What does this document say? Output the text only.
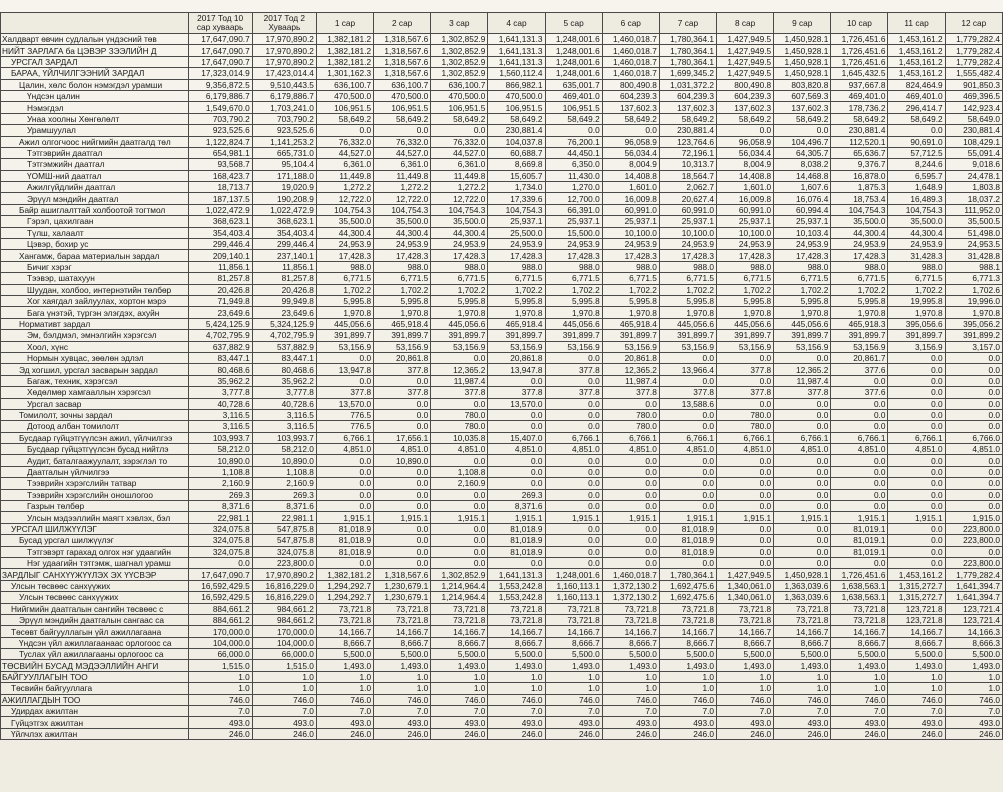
	2017 Тод 10 сар хуваарь	2017 Тод 2 Хуваарь	1 сар	2 сар	3 сар	4 сар	5 сар	6 сар	7 сар	8 сар	9 сар	10 сар	11 сар	12 сар
Халдварт өвчин судлалын үндэсний төв	17,647,090.7	17,970,890.2	1,382,181.2	1,318,567.6	1,302,852.9	1,641,131.3	1,248,001.6	1,460,018.7	1,780,364.1	1,427,949.5	1,450,928.1	1,726,451.6	1,453,161.2	1,779,282.4
НИЙТ ЗАРЛАГА ба ЦЭВЭР ЗЭЭЛИЙН Д	17,647,090.7	17,970,890.2	1,382,181.2	1,318,567.6	1,302,852.9	1,641,131.3	1,248,001.6	1,460,018.7	1,780,364.1	1,427,949.5	1,450,928.1	1,726,451.6	1,453,161.2	1,779,282.4
УРСГАЛ ЗАРДАЛ	17,647,090.7	17,970,890.2	1,382,181.2	1,318,567.6	1,302,852.9	1,641,131.3	1,248,001.6	1,460,018.7	1,780,364.1	1,427,949.5	1,450,928.1	1,726,451.6	1,453,161.2	1,779,282.4
БАРАА, ҮЙЛЧИЛГЭЭНИЙ ЗАРДАЛ	17,323,014.9	17,423,014.4	1,301,162.3	1,318,567.6	1,302,852.9	1,560,112.4	1,248,001.6	1,460,018.7	1,699,345.2	1,427,949.5	1,450,928.1	1,645,432.5	1,453,161.2	1,555,482.4
Цалин, хөлс болон нэмэгдэл урамши	9,356,872.5	9,510,443.5	636,100.7	636,100.7	636,100.7	866,982.1	635,001.7	800,490.8	1,031,372.2	800,490.8	803,820.8	937,667.8	824,464.9	901,850.3
Үндсэн цалин	6,179,886.7	6,179,886.7	470,500.0	470,500.0	470,500.0	470,500.0	469,401.0	604,239.3	604,239.3	604,239.3	607,569.3	469,401.0	469,401.0	469,396.5
Нэмэгдэл	1,549,670.0	1,703,241.0	106,951.5	106,951.5	106,951.5	106,951.5	106,951.5	137,602.3	137,602.3	137,602.3	137,602.3	178,736.2	296,414.7	142,923.4
Унаа хоолны Хөнгөлөлт	703,790.2	703,790.2	58,649.2	58,649.2	58,649.2	58,649.2	58,649.2	58,649.2	58,649.2	58,649.2	58,649.2	58,649.2	58,649.2	58,649.0
Урамшуулал	923,525.6	923,525.6	0.0	0.0	0.0	230,881.4	0.0	0.0	230,881.4	0.0	0.0	230,881.4	0.0	230,881.4
Ажил олгогчоос нийгмийн даатгалд төл	1,122,824.7	1,141,253.2	76,332.0	76,332.0	76,332.0	104,037.8	76,200.1	96,058.9	123,764.6	96,058.9	104,496.7	112,520.1	90,691.0	108,429.1
Тэтгэврийн даатгал	654,981.1	665,731.0	44,527.0	44,527.0	44,527.0	60,688.7	44,450.1	56,034.4	72,196.1	56,034.4	64,305.7	65,636.7	57,712.5	55,091.4
Тэтгэмжийн даатгал	93,568.7	95,104.4	6,361.0	6,361.0	6,361.0	8,669.8	6,350.0	8,004.9	10,313.7	8,004.9	8,038.2	9,376.7	8,244.6	9,018.6
ҮОМШ-ний даатгал	168,423.7	171,188.0	11,449.8	11,449.8	11,449.8	15,605.7	11,430.0	14,408.8	18,564.7	14,408.8	14,468.8	16,878.0	6,595.7	24,478.1
Ажилгүйдлийн даатгал	18,713.7	19,020.9	1,272.2	1,272.2	1,272.2	1,734.0	1,270.0	1,601.0	2,062.7	1,601.0	1,607.6	1,875.3	1,648.9	1,803.8
Эрүүл мэндийн даатгал	187,137.5	190,208.9	12,722.0	12,722.0	12,722.0	17,339.6	12,700.0	16,009.8	20,627.4	16,009.8	16,076.4	18,753.4	16,489.3	18,037.2
Байр ашиглалттай холбоотой тогтмол	1,022,472.9	1,022,472.9	104,754.3	104,754.3	104,754.3	104,754.3	66,391.0	60,991.0	60,991.0	60,991.0	60,994.4	104,754.3	104,754.3	111,952.0
Гэрэл, цахилгаан	368,623.1	368,623.1	35,500.0	35,500.0	35,500.0	25,937.1	25,937.1	25,937.1	25,937.1	25,937.1	25,937.1	35,500.0	35,500.0	35,500.5
Түлш, халаалт	354,403.4	354,403.4	44,300.4	44,300.4	44,300.4	25,500.0	15,500.0	10,100.0	10,100.0	10,100.0	10,103.4	44,300.4	44,300.4	51,498.0
Цэвэр, бохир ус	299,446.4	299,446.4	24,953.9	24,953.9	24,953.9	24,953.9	24,953.9	24,953.9	24,953.9	24,953.9	24,953.9	24,953.9	24,953.9	24,953.5
Хангамж, бараа материалын зардал	209,140.1	237,140.1	17,428.3	17,428.3	17,428.3	17,428.3	17,428.3	17,428.3	17,428.3	17,428.3	17,428.3	17,428.3	31,428.3	31,428.8
Бичиг хэрэг	11,856.1	11,856.1	988.0	988.0	988.0	988.0	988.0	988.0	988.0	988.0	988.0	988.0	988.0	988.1
Тээвэр, шатахуун	81,257.8	81,257.8	6,771.5	6,771.5	6,771.5	6,771.5	6,771.5	6,771.5	6,771.5	6,771.5	6,771.5	6,771.5	6,771.5	6,771.3
Шуудан, холбоо, интернэтийн төлбөр	20,426.8	20,426.8	1,702.2	1,702.2	1,702.2	1,702.2	1,702.2	1,702.2	1,702.2	1,702.2	1,702.2	1,702.2	1,702.2	1,702.6
Хог хаягдал зайлуулах, хортон мэрэ	71,949.8	99,949.8	5,995.8	5,995.8	5,995.8	5,995.8	5,995.8	5,995.8	5,995.8	5,995.8	5,995.8	5,995.8	19,995.8	19,996.0
Бага үнэтэй, түргэн элэгдэх, ахуйн	23,649.6	23,649.6	1,970.8	1,970.8	1,970.8	1,970.8	1,970.8	1,970.8	1,970.8	1,970.8	1,970.8	1,970.8	1,970.8	1,970.8
Нормативт зардал	5,424,125.9	5,324,125.9	445,056.6	465,918.4	445,056.6	465,918.4	445,056.6	465,918.4	445,056.6	445,056.6	445,056.6	465,918.3	395,056.6	395,056.2
Эм, бэлдмэл, эмнэлгийн хэрэгсэл	4,702,795.9	4,702,795.9	391,899.7	391,899.7	391,899.7	391,899.7	391,899.7	391,899.7	391,899.7	391,899.7	391,899.7	391,899.7	391,899.7	391,899.2
Хоол, хүнс	637,882.9	537,882.9	53,156.9	53,156.9	53,156.9	53,156.9	53,156.9	53,156.9	53,156.9	53,156.9	53,156.9	53,156.9	3,156.9	3,157.0
Нормын хувцас, зөөлөн эдлэл	83,447.1	83,447.1	0.0	20,861.8	0.0	20,861.8	0.0	20,861.8	0.0	0.0	0.0	20,861.7	0.0	0.0
Эд хогшил, урсгал засварын зардал	80,468.6	80,468.6	13,947.8	377.8	12,365.2	13,947.8	377.8	12,365.2	13,966.4	377.8	12,365.2	377.6	0.0	0.0
Багаж, техник, хэрэгсэл	35,962.2	35,962.2	0.0	0.0	11,987.4	0.0	0.0	11,987.4	0.0	0.0	11,987.4	0.0	0.0	0.0
Хөдөлмөр хамгааллын хэрэгсэл	3,777.8	3,777.8	377.8	377.8	377.8	377.8	377.8	377.8	377.8	377.8	377.8	377.6	0.0	0.0
Урсгал засвар	40,728.6	40,728.6	13,570.0	0.0	0.0	13,570.0	0.0	0.0	13,588.6	0.0	0.0	0.0	0.0	0.0
Томилолт, зочны зардал	3,116.5	3,116.5	776.5	0.0	780.0	0.0	0.0	780.0	0.0	780.0	0.0	0.0	0.0	0.0
Дотоод албан томилолт	3,116.5	3,116.5	776.5	0.0	780.0	0.0	0.0	780.0	0.0	780.0	0.0	0.0	0.0	0.0
Бусдаар гүйцэтгүүлсэн ажил, үйлчилгээ	103,993.7	103,993.7	6,766.1	17,656.1	10,035.8	15,407.0	6,766.1	6,766.1	6,766.1	6,766.1	6,766.1	6,766.1	6,766.1	6,766.0
Бусдаар гүйцэтгүүлсэн бусад нийтлэ	58,212.0	58,212.0	4,851.0	4,851.0	4,851.0	4,851.0	4,851.0	4,851.0	4,851.0	4,851.0	4,851.0	4,851.0	4,851.0	4,851.0
Аудит, баталгаажуулалт, зэрэглэл то	10,890.0	10,890.0	0.0	10,890.0	0.0	0.0	0.0	0.0	0.0	0.0	0.0	0.0	0.0	0.0
Даатгалын үйлчилгээ	1,108.8	1,108.8	0.0	0.0	1,108.8	0.0	0.0	0.0	0.0	0.0	0.0	0.0	0.0	0.0
Тээврийн хэрэгслийн татвар	2,160.9	2,160.9	0.0	0.0	2,160.9	0.0	0.0	0.0	0.0	0.0	0.0	0.0	0.0	0.0
Тээврийн хэрэгслийн оношлогоо	269.3	269.3	0.0	0.0	0.0	269.3	0.0	0.0	0.0	0.0	0.0	0.0	0.0	0.0
Газрын төлбөр	8,371.6	8,371.6	0.0	0.0	0.0	8,371.6	0.0	0.0	0.0	0.0	0.0	0.0	0.0	0.0
Улсын мэдээллийн маягт хэвлэх, бэл	22,981.1	22,981.1	1,915.1	1,915.1	1,915.1	1,915.1	1,915.1	1,915.1	1,915.1	1,915.1	1,915.1	1,915.1	1,915.1	1,915.0
УРСГАЛ ШИЛЖҮҮЛЭГ	324,075.8	547,875.8	81,018.9	0.0	0.0	81,018.9	0.0	0.0	81,018.9	0.0	0.0	81,019.1	0.0	223,800.0
Бусад урсгал шилжүүлэг	324,075.8	547,875.8	81,018.9	0.0	0.0	81,018.9	0.0	0.0	81,018.9	0.0	0.0	81,019.1	0.0	223,800.0
Тэтгэвэрт гарахад олгох нэг удаагийн	324,075.8	324,075.8	81,018.9	0.0	0.0	81,018.9	0.0	0.0	81,018.9	0.0	0.0	81,019.1	0.0	0.0
Нэг удаагийн тэтгэмж, шагнал урамш	0.0	223,800.0	0.0	0.0	0.0	0.0	0.0	0.0	0.0	0.0	0.0	0.0	0.0	223,800.0
ЗАРДЛЫГ САНХҮҮЖҮҮЛЭХ ЭХ ҮҮСВЭР	17,647,090.7	17,970,890.2	1,382,181.2	1,318,567.6	1,302,852.9	1,641,131.3	1,248,001.6	1,460,018.7	1,780,364.1	1,427,949.5	1,450,928.1	1,726,451.6	1,453,161.2	1,779,282.4
Улсын төсвөөс санхүүжих	16,592,429.5	16,816,229.0	1,294,292.7	1,230,679.1	1,214,964.4	1,553,242.8	1,160,113.1	1,372,130.2	1,692,475.6	1,340,061.0	1,363,039.6	1,638,563.1	1,315,272.7	1,641,394.7
Улсын төсвөөс санхүүжих	16,592,429.5	16,816,229.0	1,294,292.7	1,230,679.1	1,214,964.4	1,553,242.8	1,160,113.1	1,372,130.2	1,692,475.6	1,340,061.0	1,363,039.6	1,638,563.1	1,315,272.7	1,641,394.7
Нийгмийн даатгалын сангийн төсвөөс с	884,661.2	984,661.2	73,721.8	73,721.8	73,721.8	73,721.8	73,721.8	73,721.8	73,721.8	73,721.8	73,721.8	73,721.8	123,721.8	123,721.4
Эрүүл мэндийн даатгалын сангаас са	884,661.2	984,661.2	73,721.8	73,721.8	73,721.8	73,721.8	73,721.8	73,721.8	73,721.8	73,721.8	73,721.8	73,721.8	123,721.8	123,721.4
Төсөвт байгууллагын үйл ажиллагаана	170,000.0	170,000.0	14,166.7	14,166.7	14,166.7	14,166.7	14,166.7	14,166.7	14,166.7	14,166.7	14,166.7	14,166.7	14,166.7	14,166.3
Үндсэн үйл ажиллагаанаас орлогоос са	104,000.0	104,000.0	8,666.7	8,666.7	8,666.7	8,666.7	8,666.7	8,666.7	8,666.7	8,666.7	8,666.7	8,666.7	8,666.7	8,666.3
Туслах үйл ажиллагааны орлогоос са	66,000.0	66,000.0	5,500.0	5,500.0	5,500.0	5,500.0	5,500.0	5,500.0	5,500.0	5,500.0	5,500.0	5,500.0	5,500.0	5,500.0
ТӨСВИЙН БУСАД МЭДЭЭЛЛИЙН АНГИ	1,515.0	1,515.0	1,493.0	1,493.0	1,493.0	1,493.0	1,493.0	1,493.0	1,493.0	1,493.0	1,493.0	1,493.0	1,493.0	1,493.0
БАЙГУУЛЛАГЫН ТОО	1.0	1.0	1.0	1.0	1.0	1.0	1.0	1.0	1.0	1.0	1.0	1.0	1.0	1.0
Төсвийн байгууллага	1.0	1.0	1.0	1.0	1.0	1.0	1.0	1.0	1.0	1.0	1.0	1.0	1.0	1.0
АЖИЛЛАГДЫН ТОО	746.0	746.0	746.0	746.0	746.0	746.0	746.0	746.0	746.0	746.0	746.0	746.0	746.0	746.0
Удирдах ажилтан	7.0	7.0	7.0	7.0	7.0	7.0	7.0	7.0	7.0	7.0	7.0	7.0	7.0	7.0
Гүйцэтгэх ажилтан	493.0	493.0	493.0	493.0	493.0	493.0	493.0	493.0	493.0	493.0	493.0	493.0	493.0	493.0
Үйлчлэх ажилтан	246.0	246.0	246.0	246.0	246.0	246.0	246.0	246.0	246.0	246.0	246.0	246.0	246.0	246.0
